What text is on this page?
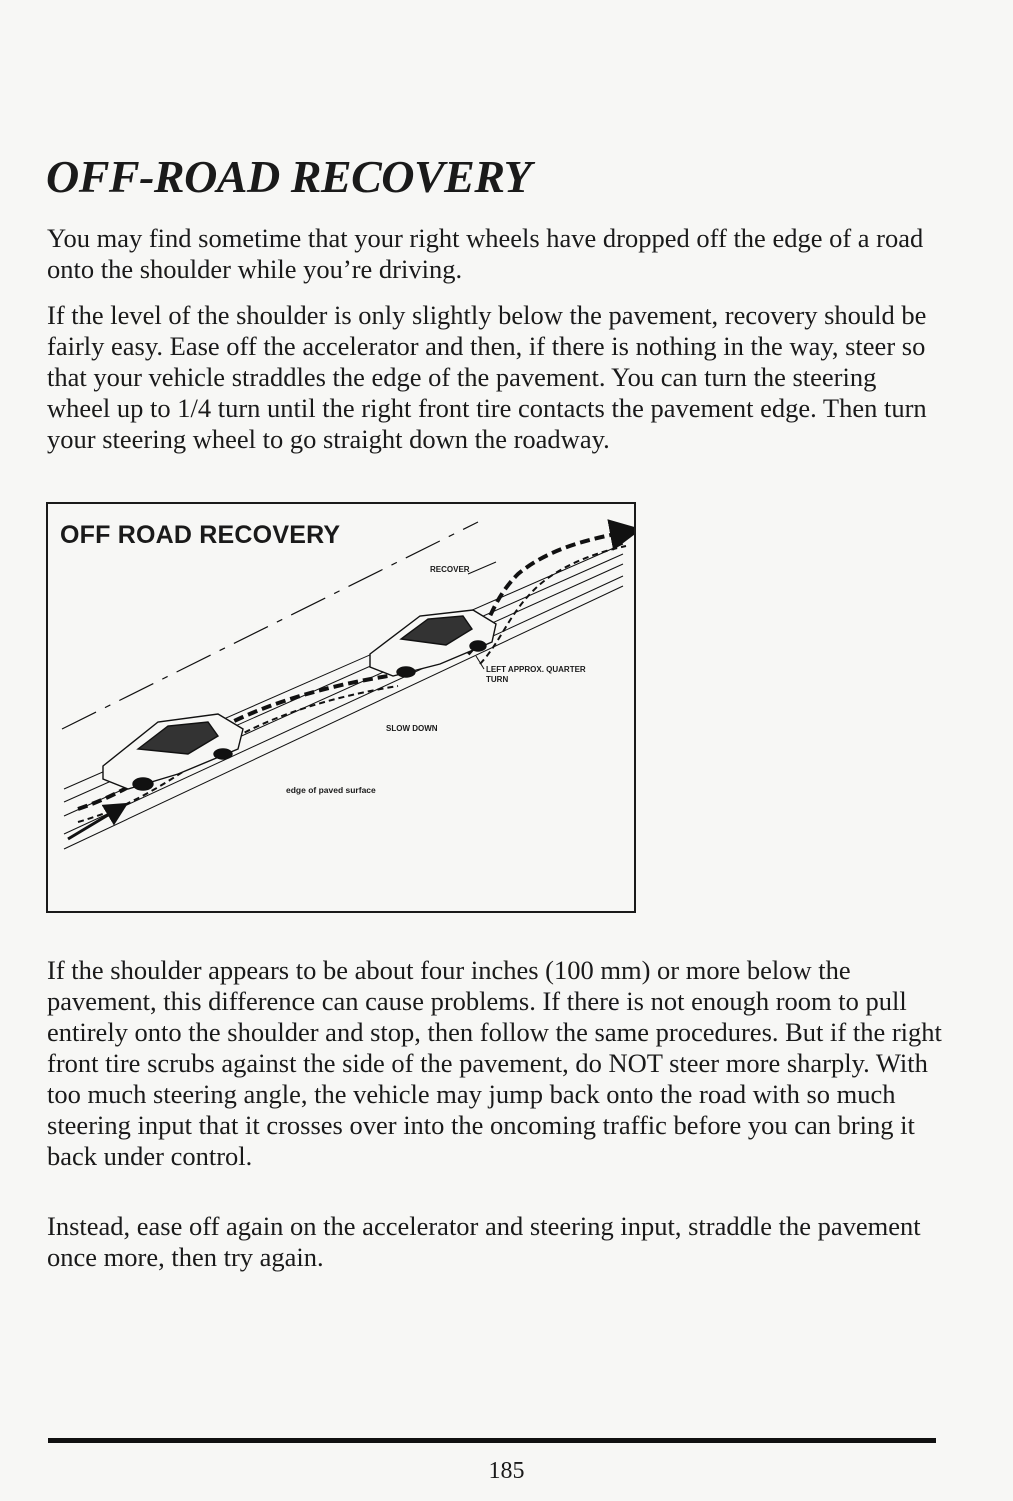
OFF-ROAD RECOVERY

You may find sometime that your right wheels have dropped off the edge of a road onto the shoulder while you’re driving.

If the level of the shoulder is only slightly below the pavement, recovery should be fairly easy. Ease off the accelerator and then, if there is nothing in the way, steer so that your vehicle straddles the edge of the pavement. You can turn the steering wheel up to 1/4 turn until the right front tire contacts the pavement edge. Then turn your steering wheel to go straight down the roadway.

OFF ROAD RECOVERY
RECOVER
LEFT APPROX. QUARTER TURN
SLOW DOWN
edge of paved surface

If the shoulder appears to be about four inches (100 mm) or more below the pavement, this difference can cause problems. If there is not enough room to pull entirely onto the shoulder and stop, then follow the same procedures. But if the right front tire scrubs against the side of the pavement, do NOT steer more sharply. With too much steering angle, the vehicle may jump back onto the road with so much steering input that it crosses over into the oncoming traffic before you can bring it back under control.

Instead, ease off again on the accelerator and steering input, straddle the pavement once more, then try again.

185
